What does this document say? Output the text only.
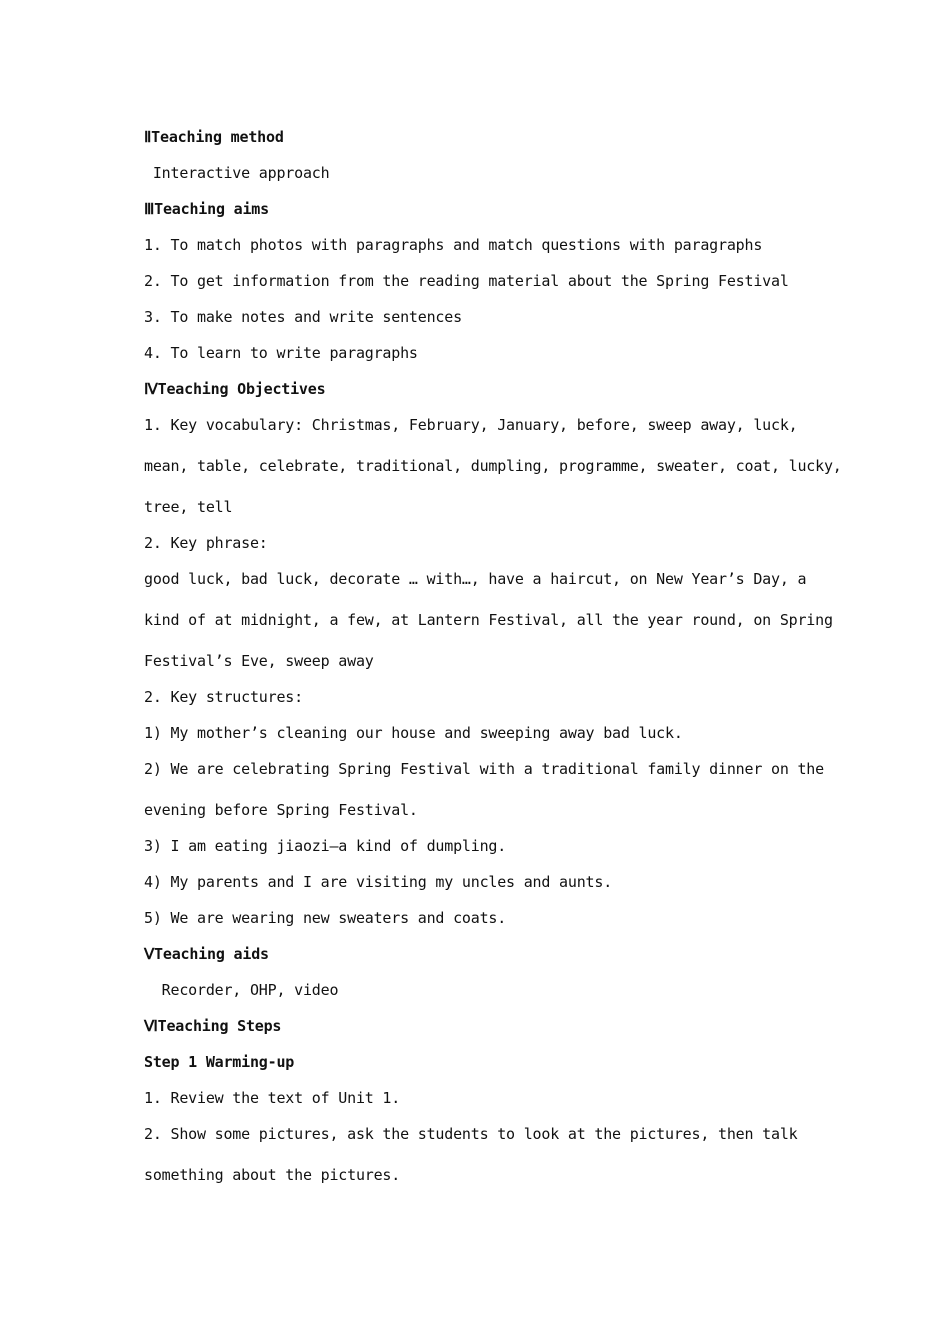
ⅡTeaching method
Interactive approach
ⅢTeaching aims
1. To match photos with paragraphs and match questions with paragraphs
2. To get information from the reading material about the Spring Festival
3. To make notes and write sentences
4. To learn to write paragraphs
ⅣTeaching Objectives
1. Key vocabulary: Christmas, February, January, before, sweep away, luck,
mean, table, celebrate, traditional, dumpling, programme, sweater, coat, lucky,
tree, tell
2. Key phrase:
good luck, bad luck, decorate … with…, have a haircut, on New Year’s Day, a
kind of at midnight, a few, at Lantern Festival, all the year round, on Spring
Festival’s Eve, sweep away
2. Key structures:
1) My mother’s cleaning our house and sweeping away bad luck.
2) We are celebrating Spring Festival with a traditional family dinner on the
evening before Spring Festival.
3) I am eating jiaozi—a kind of dumpling.
4) My parents and I are visiting my uncles and aunts.
5) We are wearing new sweaters and coats.
ⅤTeaching aids
Recorder, OHP, video
ⅥTeaching Steps
Step 1 Warming-up
1. Review the text of Unit 1.
2. Show some pictures, ask the students to look at the pictures, then talk
something about the pictures.
